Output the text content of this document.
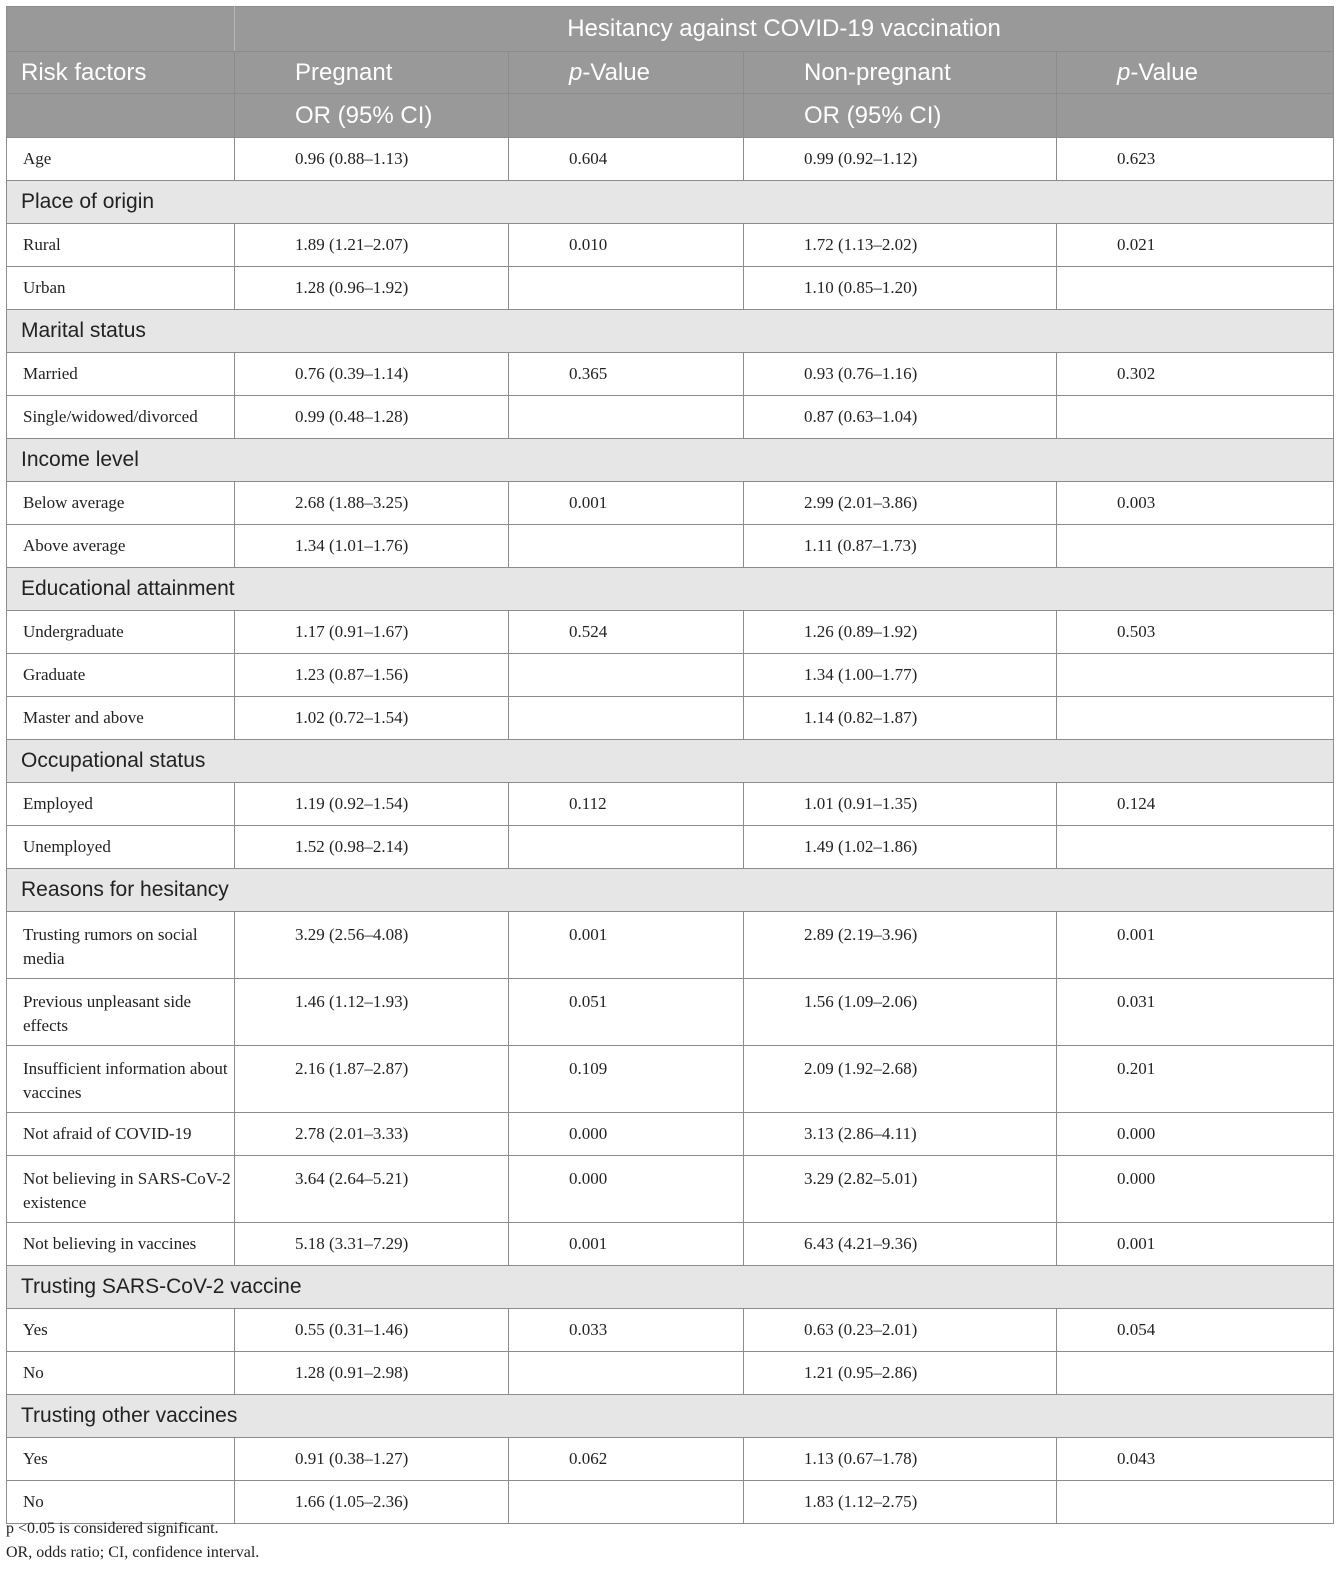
	Hesitancy against COVID-19 vaccination			
Risk factors	Pregnant	p-Value	Non-pregnant	p-Value
	OR (95% CI)		OR (95% CI)	
Age	0.96 (0.88–1.13)	0.604	0.99 (0.92–1.12)	0.623
Place of origin				
Rural	1.89 (1.21–2.07)	0.010	1.72 (1.13–2.02)	0.021
Urban	1.28 (0.96–1.92)		1.10 (0.85–1.20)	
Marital status				
Married	0.76 (0.39–1.14)	0.365	0.93 (0.76–1.16)	0.302
Single/widowed/divorced	0.99 (0.48–1.28)		0.87 (0.63–1.04)	
Income level				
Below average	2.68 (1.88–3.25)	0.001	2.99 (2.01–3.86)	0.003
Above average	1.34 (1.01–1.76)		1.11 (0.87–1.73)	
Educational attainment				
Undergraduate	1.17 (0.91–1.67)	0.524	1.26 (0.89–1.92)	0.503
Graduate	1.23 (0.87–1.56)		1.34 (1.00–1.77)	
Master and above	1.02 (0.72–1.54)		1.14 (0.82–1.87)	
Occupational status				
Employed	1.19 (0.92–1.54)	0.112	1.01 (0.91–1.35)	0.124
Unemployed	1.52 (0.98–2.14)		1.49 (1.02–1.86)	
Reasons for hesitancy				
Trusting rumors on social media	3.29 (2.56–4.08)	0.001	2.89 (2.19–3.96)	0.001
Previous unpleasant side effects	1.46 (1.12–1.93)	0.051	1.56 (1.09–2.06)	0.031
Insufficient information about vaccines	2.16 (1.87–2.87)	0.109	2.09 (1.92–2.68)	0.201
Not afraid of COVID-19	2.78 (2.01–3.33)	0.000	3.13 (2.86–4.11)	0.000
Not believing in SARS-CoV-2 existence	3.64 (2.64–5.21)	0.000	3.29 (2.82–5.01)	0.000
Not believing in vaccines	5.18 (3.31–7.29)	0.001	6.43 (4.21–9.36)	0.001
Trusting SARS-CoV-2 vaccine				
Yes	0.55 (0.31–1.46)	0.033	0.63 (0.23–2.01)	0.054
No	1.28 (0.91–2.98)		1.21 (0.95–2.86)	
Trusting other vaccines				
Yes	0.91 (0.38–1.27)	0.062	1.13 (0.67–1.78)	0.043
No	1.66 (1.05–2.36)		1.83 (1.12–2.75)	
p <0.05 is considered significant.
OR, odds ratio; CI, confidence interval.
